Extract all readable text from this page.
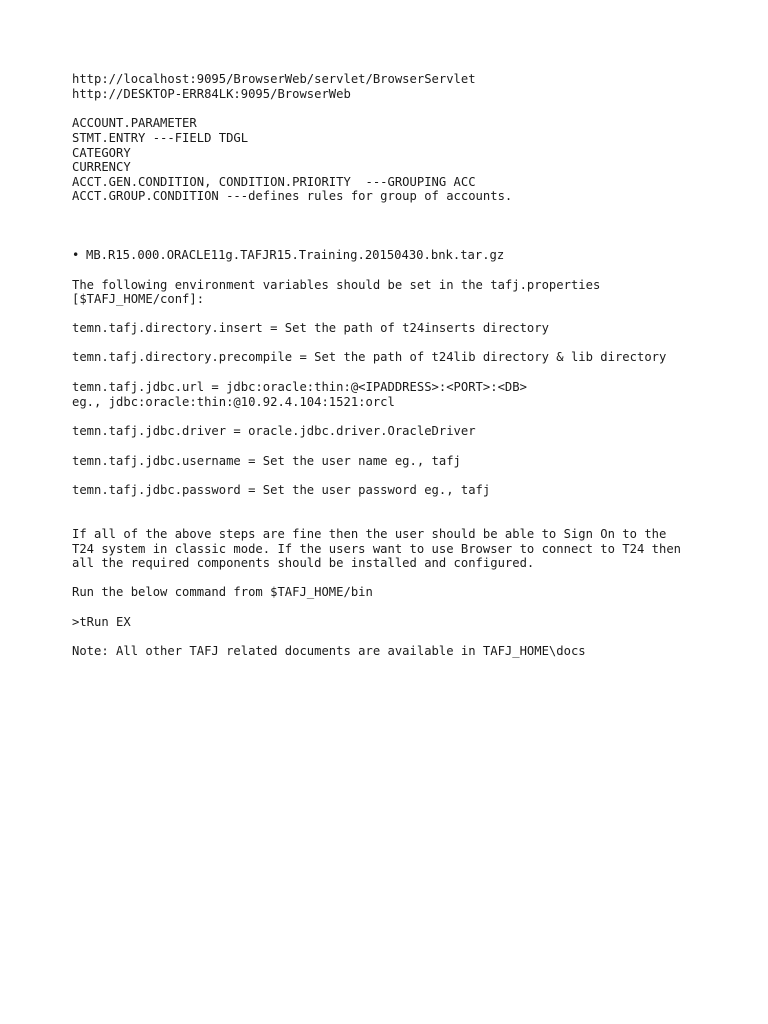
http://localhost:9095/BrowserWeb/servlet/BrowserServlet

http://DESKTOP-ERR84LK:9095/BrowserWeb

ACCOUNT.PARAMETER

STMT.ENTRY ---FIELD TDGL

CATEGORY

CURRENCY

ACCT.GEN.CONDITION, CONDITION.PRIORITY  ---GROUPING ACC

ACCT.GROUP.CONDITION ---defines rules for group of accounts.

• MB.R15.000.ORACLE11g.TAFJR15.Training.20150430.bnk.tar.gz

The following environment variables should be set in the tafj.properties

[$TAFJ_HOME/conf]:

temn.tafj.directory.insert = Set the path of t24inserts directory

temn.tafj.directory.precompile = Set the path of t24lib directory & lib directory

temn.tafj.jdbc.url = jdbc:oracle:thin:@<IPADDRESS>:<PORT>:<DB>

eg., jdbc:oracle:thin:@10.92.4.104:1521:orcl

temn.tafj.jdbc.driver = oracle.jdbc.driver.OracleDriver

temn.tafj.jdbc.username = Set the user name eg., tafj

temn.tafj.jdbc.password = Set the user password eg., tafj

If all of the above steps are fine then the user should be able to Sign On to the

T24 system in classic mode. If the users want to use Browser to connect to T24 then

all the required components should be installed and configured.

Run the below command from $TAFJ_HOME/bin

>tRun EX

Note: All other TAFJ related documents are available in TAFJ_HOME\docs
